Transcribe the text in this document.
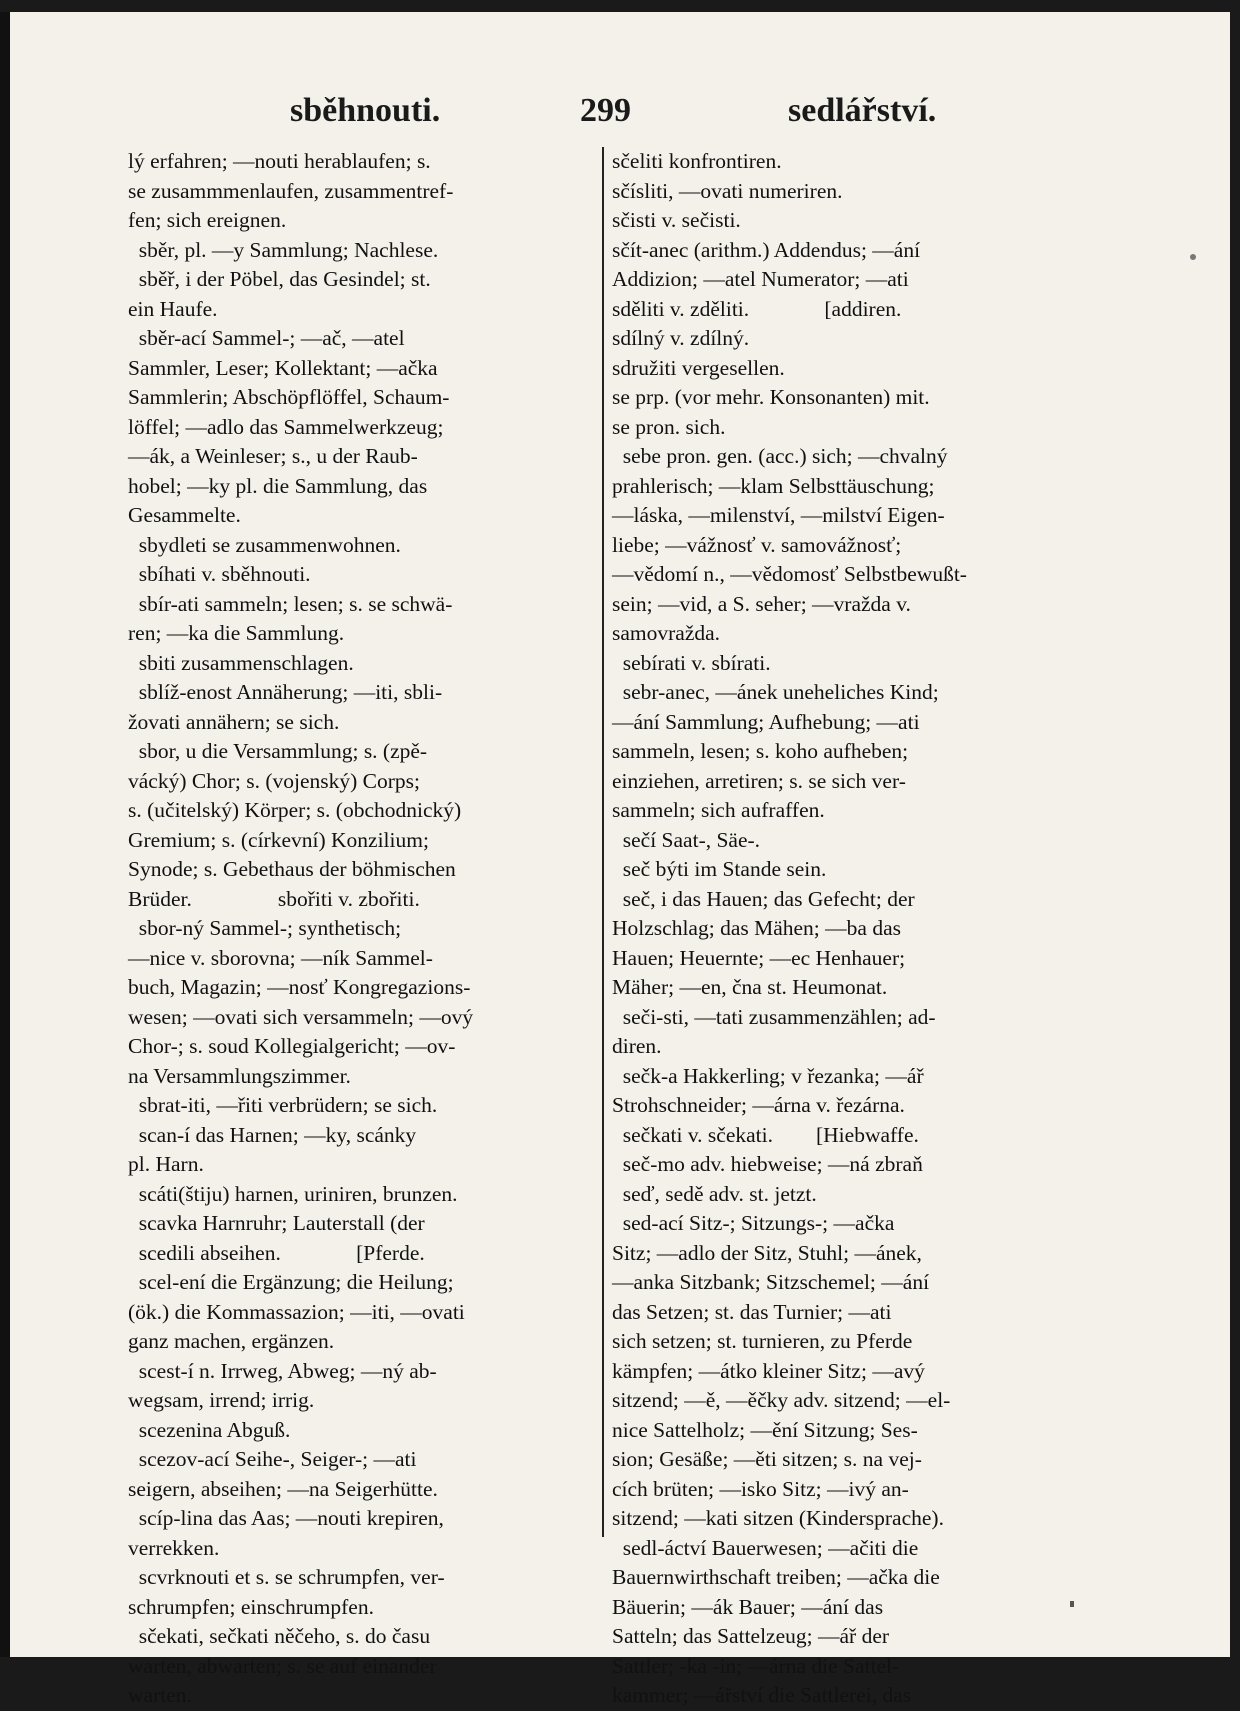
sběhnouti.	299	sedlářství.
lý erfahren; —nouti herablaufen; s.
se zusammmenlaufen, zusammentref-
fen; sich ereignen.
sběr, pl. —y Sammlung; Nachlese.
sběř, i der Pöbel, das Gesindel; st.
ein Haufe.
sběr-ací Sammel-; —ač, —atel
Sammler, Leser; Kollektant; —ačka
Sammlerin; Abschöpflöffel, Schaum-
löffel; —adlo das Sammelwerkzeug;
—ák, a Weinleser; s., u der Raub-
hobel; —ky pl. die Sammlung, das
Gesammelte.
sbydleti se zusammenwohnen.
sbíhati v. sběhnouti.
sbír-ati sammeln; lesen; s. se schwä-
ren; —ka die Sammlung.
sbiti zusammenschlagen.
sblíž-enost Annäherung; —iti, sbli-
žovati annähern; se sich.
sbor, u die Versammlung; s. (zpě-
vácký) Chor; s. (vojenský) Corps;
s. (učitelský) Körper; s. (obchodnický)
Gremium; s. (církevní) Konzilium;
Synode; s. Gebethaus der böhmischen
Brüder.                sbořiti v. zbořiti.
sbor-ný Sammel-; synthetisch;
—nice v. sborovna; —ník Sammel-
buch, Magazin; —nosť Kongregazions-
wesen; —ovati sich versammeln; —ový
Chor-; s. soud Kollegialgericht; —ov-
na Versammlungszimmer.
sbrat-iti, —řiti verbrüdern; se sich.
scan-í das Harnen; —ky, scánky
pl. Harn.
scáti(štiju) harnen, uriniren, brunzen.
scavka Harnruhr; Lauterstall (der
scedili abseihen.              [Pferde.
scel-ení die Ergänzung; die Heilung;
(ök.) die Kommassazion; —iti, —ovati
ganz machen, ergänzen.
scest-í n. Irrweg, Abweg; —ný ab-
wegsam, irrend; irrig.
scezenina Abguß.
scezov-ací Seihe-, Seiger-; —ati
seigern, abseihen; —na Seigerhütte.
scíp-lina das Aas; —nouti krepiren,
verrekken.
scvrknouti et s. se schrumpfen, ver-
schrumpfen; einschrumpfen.
sčekati, sečkati něčeho, s. do času
warten, abwarten; s. se auf einander
warten.
sčeliti konfrontiren.
sčísliti, —ovati numeriren.
sčisti v. sečisti.
sčít-anec (arithm.) Addendus; —ání
Addizion; —atel Numerator; —ati
sděliti v. zděliti.              [addiren.
sdílný v. zdílný.
sdružiti vergesellen.
se prp. (vor mehr. Konsonanten) mit.
se pron. sich.
sebe pron. gen. (acc.) sich; —chvalný
prahlerisch; —klam Selbsttäuschung;
—láska, —milenství, —milství Eigen-
liebe; —vážnosť v. samovážnosť;
—vědomí n., —vědomosť Selbstbewußt-
sein; —vid, a S. seher; —vražda v.
samovražda.
sebírati v. sbírati.
sebr-anec, —ánek uneheliches Kind;
—ání Sammlung; Aufhebung; —ati
sammeln, lesen; s. koho aufheben;
einziehen, arretiren; s. se sich ver-
sammeln; sich aufraffen.
sečí Saat-, Säe-.
seč býti im Stande sein.
seč, i das Hauen; das Gefecht; der
Holzschlag; das Mähen; —ba das
Hauen; Heuernte; —ec Henhauer;
Mäher; —en, čna st. Heumonat.
seči-sti, —tati zusammenzählen; ad-
diren.
sečk-a Hakkerling; v řezanka; —ář
Strohschneider; —árna v. řezárna.
sečkati v. sčekati.        [Hiebwaffe.
seč-mo adv. hiebweise; —ná zbraň
seď, sedě adv. st. jetzt.
sed-ací Sitz-; Sitzungs-; —ačka
Sitz; —adlo der Sitz, Stuhl; —ánek,
—anka Sitzbank; Sitzschemel; —ání
das Setzen; st. das Turnier; —ati
sich setzen; st. turnieren, zu Pferde
kämpfen; —átko kleiner Sitz; —avý
sitzend; —ě, —ěčky adv. sitzend; —el-
nice Sattelholz; —ění Sitzung; Ses-
sion; Gesäße; —ěti sitzen; s. na vej-
cích brüten; —isko Sitz; —ivý an-
sitzend; —kati sitzen (Kindersprache).
sedl-áctví Bauerwesen; —ačiti die
Bauernwirthschaft treiben; —ačka die
Bäuerin; —ák Bauer; —ání das
Satteln; das Sattelzeug; —ář der
Sattler; -ka -in; —árna die Sattel-
kammer; —ářství die Sattlerei, das
